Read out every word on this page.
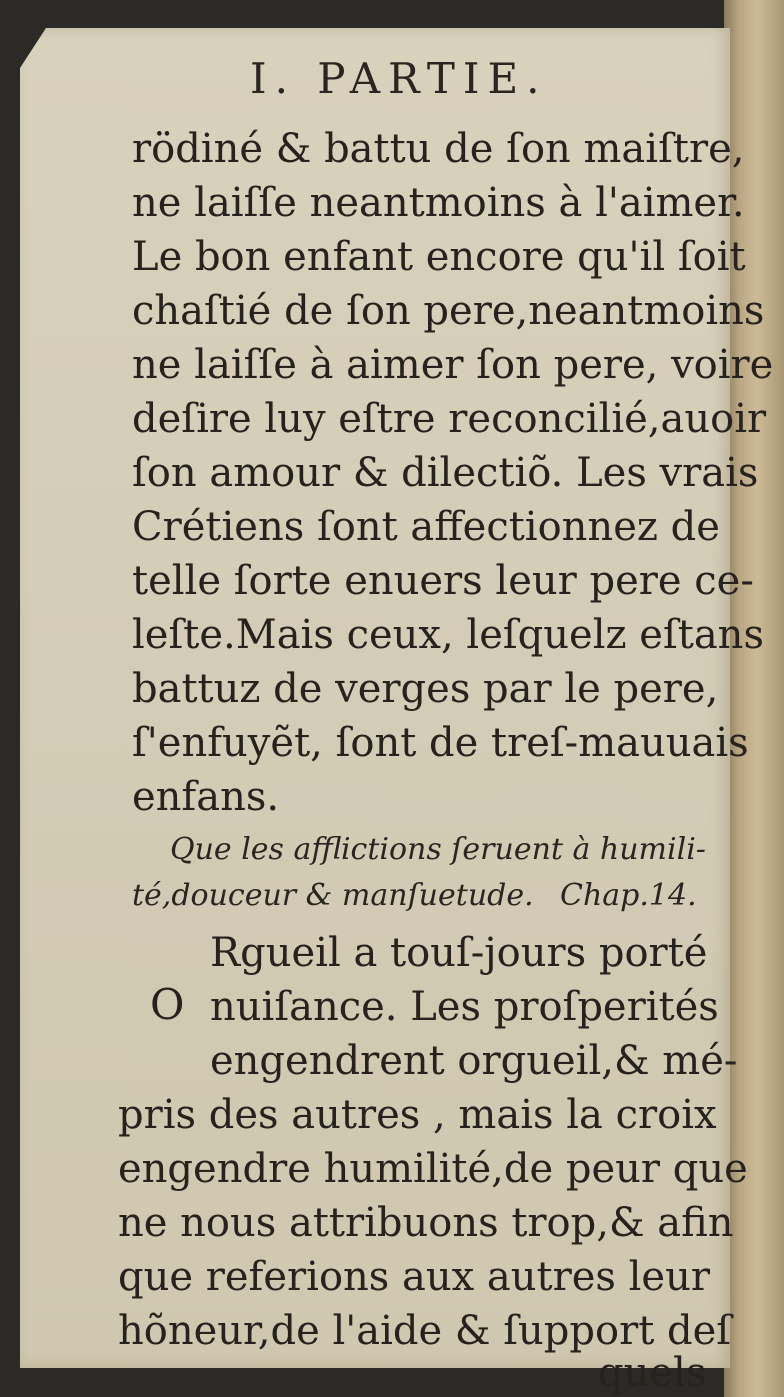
I. PARTIE.
rödiné & battu de ſon maiſtre,
ne laiſſe neantmoins à l'aimer.
Le bon enfant encore qu'il ſoit
chaſtié de ſon pere,neantmoins
ne laiſſe à aimer ſon pere, voire
deſire luy eſtre reconcilié,auoir
ſon amour & dilectiõ. Les vrais
Crétiens ſont affectionnez de
telle ſorte enuers leur pere ce-
leſte.Mais ceux, leſquelz eſtans
battuz de verges par le pere,
ſ'enfuyẽt, ſont de treſ-mauuais
enfans.
Que les afflictions ſeruent à humili-
té,douceur & manſuetude. Chap.14.
O
Rgueil a touſ-jours porté
nuiſance. Les proſperités
engendrent orgueil,& mé-
pris des autres , mais la croix
engendre humilité,de peur que
ne nous attribuons trop,& afin
que referions aux autres leur
hõneur,de l'aide & ſupport deſ
quels
